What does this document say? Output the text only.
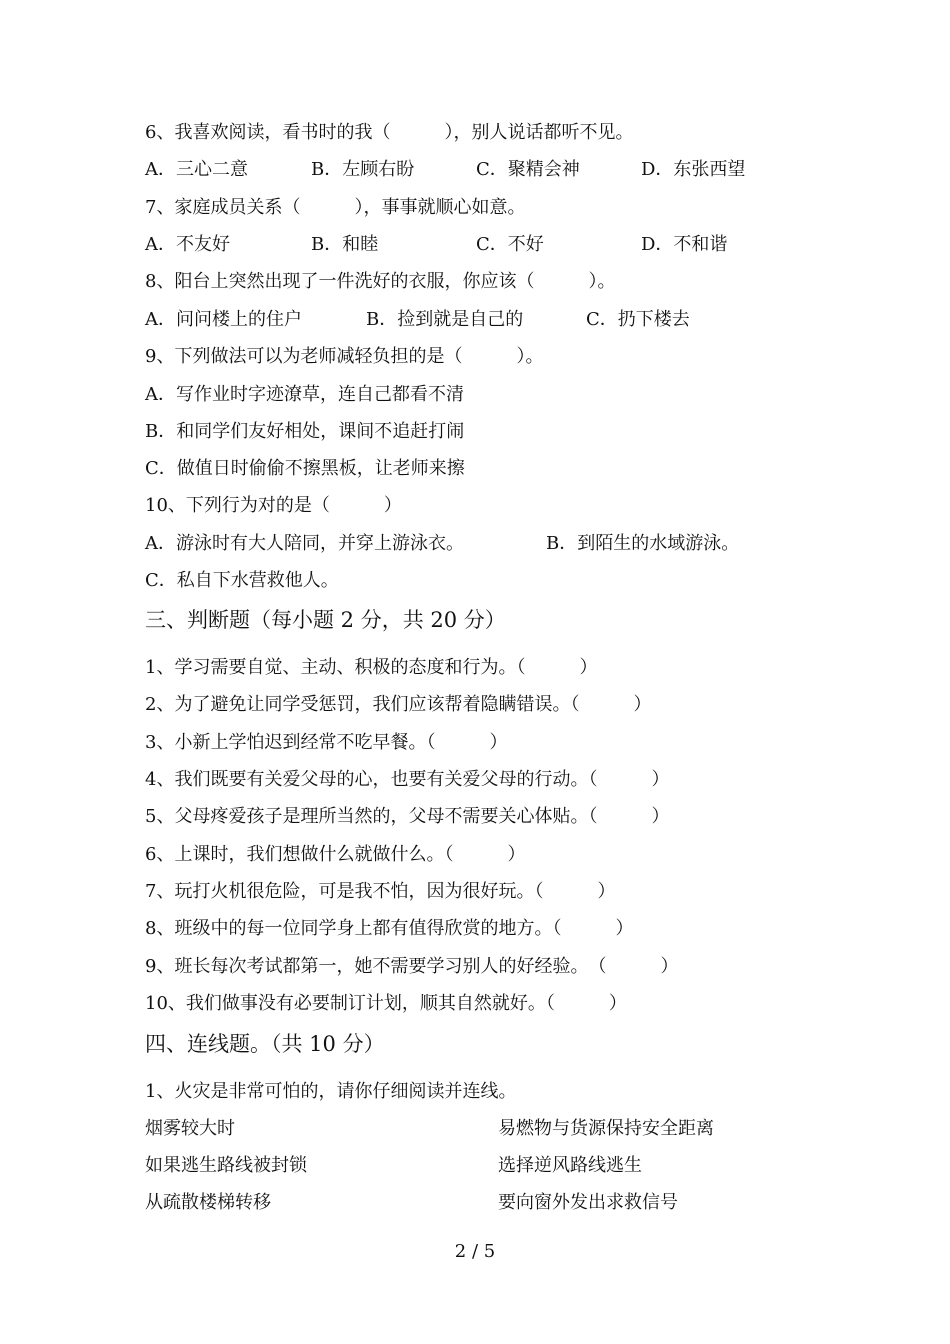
6、我喜欢阅读，看书时的我（　　　），别人说话都听不见。
A．三心二意	B．左顾右盼	C．聚精会神	D．东张西望
7、家庭成员关系（　　　），事事就顺心如意。
A．不友好	B．和睦	C．不好	D．不和谐
8、阳台上突然出现了一件洗好的衣服，你应该（　　　）。
A．问问楼上的住户	B．捡到就是自己的	C．扔下楼去
9、下列做法可以为老师减轻负担的是（　　　）。
A．写作业时字迹潦草，连自己都看不清
B．和同学们友好相处，课间不追赶打闹
C．做值日时偷偷不擦黑板，让老师来擦
10、下列行为对的是（　　　）
A．游泳时有大人陪同，并穿上游泳衣。	B．到陌生的水域游泳。
C．私自下水营救他人。
三、判断题（每小题 2 分，共 20 分）
1、学习需要自觉、主动、积极的态度和行为。（　　　）
2、为了避免让同学受惩罚，我们应该帮着隐瞒错误。（　　　）
3、小新上学怕迟到经常不吃早餐。（　　　）
4、我们既要有关爱父母的心，也要有关爱父母的行动。（　　　）
5、父母疼爱孩子是理所当然的，父母不需要关心体贴。（　　　）
6、上课时，我们想做什么就做什么。（　　　）
7、玩打火机很危险，可是我不怕，因为很好玩。（　　　）
8、班级中的每一位同学身上都有值得欣赏的地方。（　　　）
9、班长每次考试都第一，她不需要学习别人的好经验。　（　　　）
10、我们做事没有必要制订计划，顺其自然就好。（　　　）
四、连线题。（共 10 分）
1、火灾是非常可怕的，请你仔细阅读并连线。
烟雾较大时	易燃物与货源保持安全距离
如果逃生路线被封锁	选择逆风路线逃生
从疏散楼梯转移	要向窗外发出求救信号
2 / 5
